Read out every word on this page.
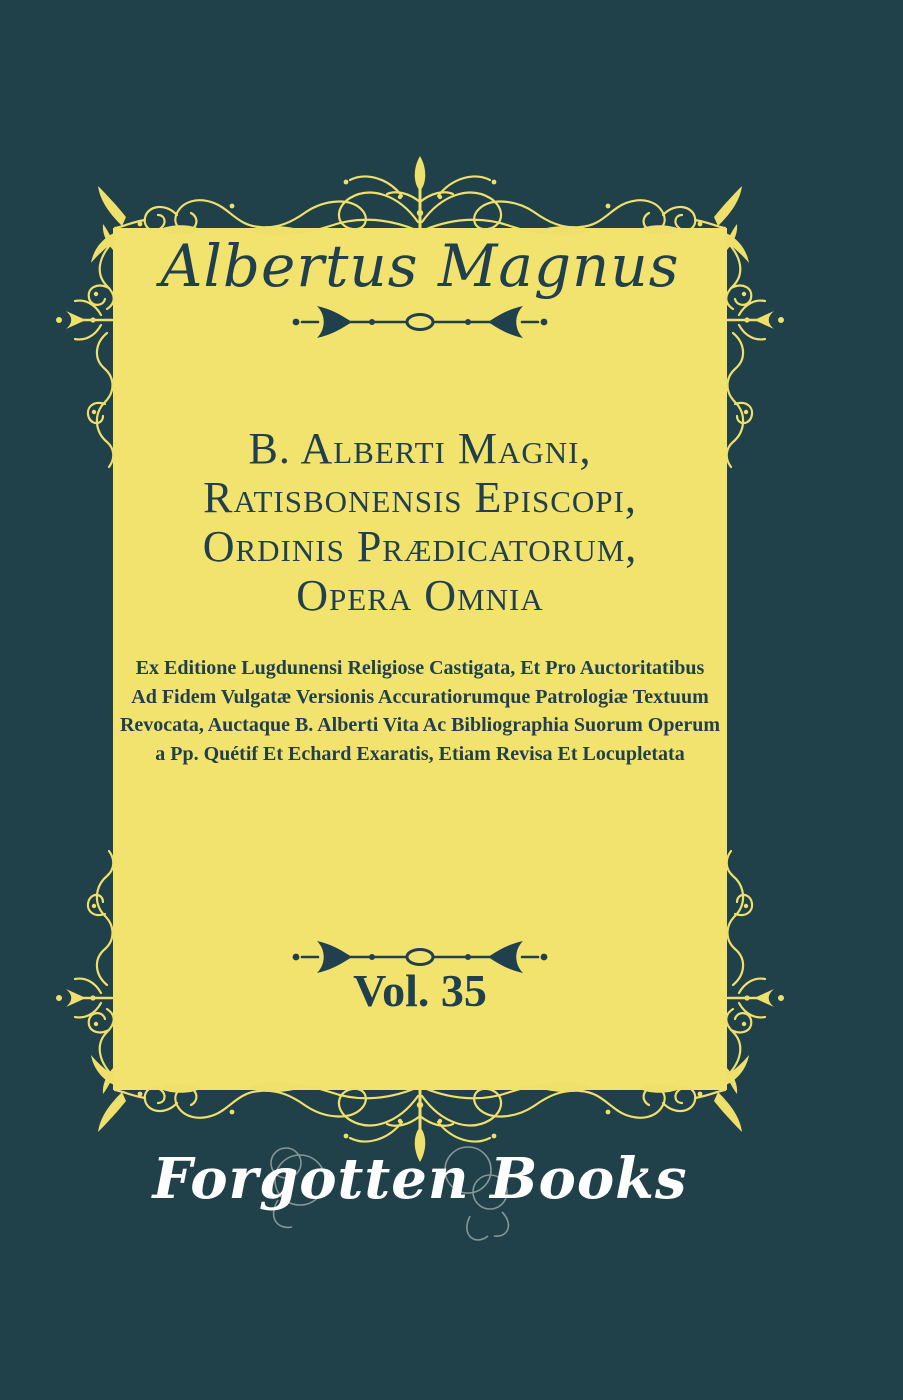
Albertus Magnus
B. Alberti Magni,
Ratisbonensis Episcopi,
Ordinis Prædicatorum,
Opera Omnia
Ex Editione Lugdunensi Religiose Castigata, Et Pro Auctoritatibus
Ad Fidem Vulgatæ Versionis Accuratiorumque Patrologiæ Textuum
Revocata, Auctaque B. Alberti Vita Ac Bibliographia Suorum Operum
a Pp. Quétif Et Echard Exaratis, Etiam Revisa Et Locupletata
Vol. 35
Forgotten Books
